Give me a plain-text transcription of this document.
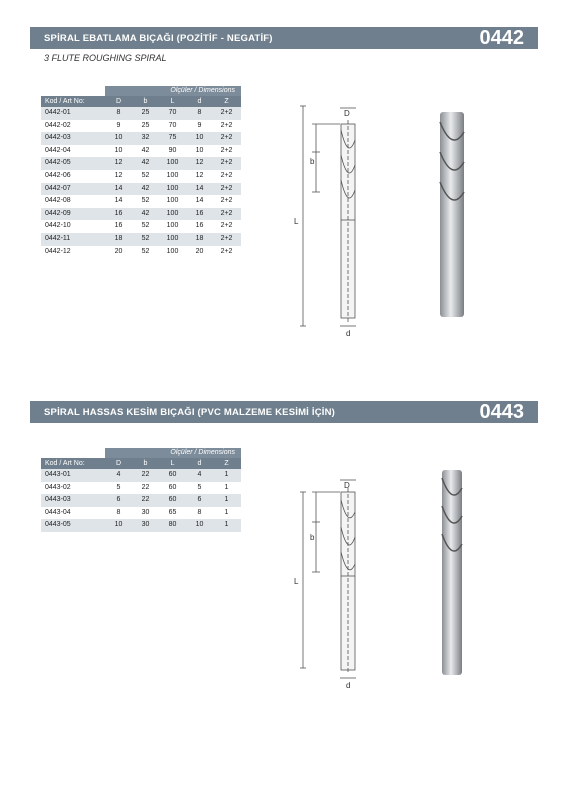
SPİRAL EBATLAMA BIÇAĞI (POZİTİF - NEGATİF)	0442
3 FLUTE ROUGHING SPIRAL
Ölçüler / Dimensions
Kod / Art No:	D	b	L	d	Z
0442-01	8	25	70	8	2+2
0442-02	9	25	70	9	2+2
0442-03	10	32	75	10	2+2
0442-04	10	42	90	10	2+2
0442-05	12	42	100	12	2+2
0442-06	12	52	100	12	2+2
0442-07	14	42	100	14	2+2
0442-08	14	52	100	14	2+2
0442-09	16	42	100	16	2+2
0442-10	16	52	100	16	2+2
0442-11	18	52	100	18	2+2
0442-12	20	52	100	20	2+2
D
b
L
d
SPİRAL HASSAS KESİM BIÇAĞI (PVC MALZEME KESİMİ İÇİN)	0443
Ölçüler / Dimensions
Kod / Art No:	D	b	L	d	Z
0443-01	4	22	60	4	1
0443-02	5	22	60	5	1
0443-03	6	22	60	6	1
0443-04	8	30	65	8	1
0443-05	10	30	80	10	1
D
b
L
d
